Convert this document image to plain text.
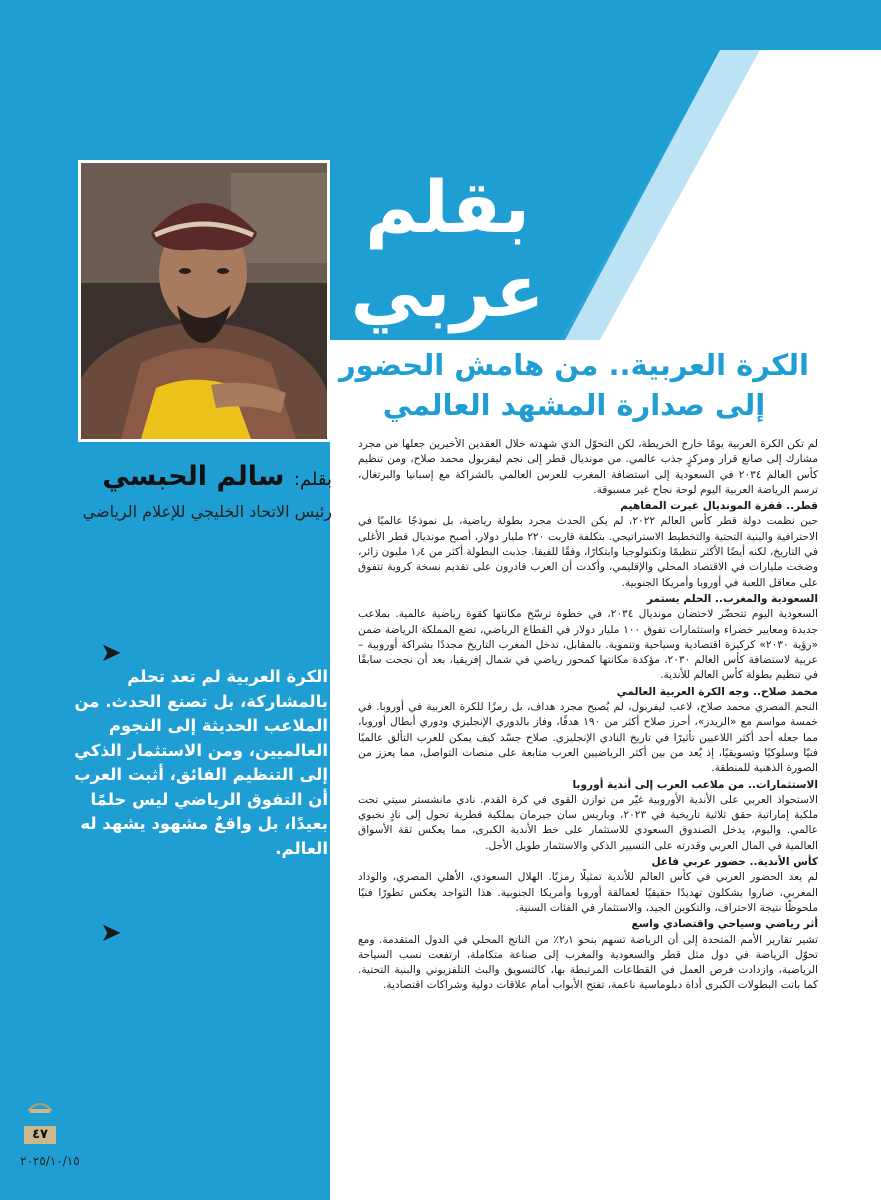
بقلم
عربي
الكرة العربية.. من هامش الحضور
إلى صدارة المشهد العالمي
بقلم: سالم الحبسي
رئيس الاتحاد الخليجي للإعلام الرياضي
➤
الكرة العربية لم تعد تحلم بالمشاركة، بل تصنع الحدث. من الملاعب الحديثة إلى النجوم العالميين، ومن الاستثمار الذكي إلى التنظيم الفائق، أثبت العرب أن التفوق الرياضي ليس حلمًا بعيدًا، بل واقعٌ مشهود يشهد له العالم.
➤

لم تكن الكرة العربية يومًا خارج الخريطة، لكن التحوّل الذي شهدته خلال العقدين الأخيرين جعلها من مجرد مشارك إلى صانع قرار ومركزٍ جذب عالمي. من مونديال قطر إلى نجم ليفربول محمد صلاح، ومن تنظيم كأس العالم ٢٠٣٤ في السعودية إلى استضافة المغرب للعرس العالمي بالشراكة مع إسبانيا والبرتغال، ترسم الرياضة العربية اليوم لوحة نجاح غير مسبوقة.

قطر.. قفزة المونديال غيرت المفاهيم

حين نظمت دولة قطر كأس العالم ٢٠٢٢، لم يكن الحدث مجرد بطولة رياضية، بل نموذجًا عالميًا في الاحترافية والبنية التحتية والتخطيط الاستراتيجي. بتكلفة قاربت ٢٢٠ مليار دولار، أصبح مونديال قطر الأغلى في التاريخ، لكنه أيضًا الأكثر تنظيمًا وتكنولوجيا وابتكارًا، وفقًا للفيفا. جذبت البطولة أكثر من ١٫٤ مليون زائر، وضخت مليارات في الاقتصاد المحلي والإقليمي، وأكدت أن العرب قادرون على تقديم نسخة كروية تتفوق على معاقل اللعبة في أوروبا وأمريكا الجنوبية.

السعودية والمغرب.. الحلم يستمر

السعودية اليوم تتحضّر لاحتضان مونديال ٢٠٣٤، في خطوة ترسّخ مكانتها كقوة رياضية عالمية. بملاعب جديدة ومعايير خضراء واستثمارات تفوق ١٠٠ مليار دولار في القطاع الرياضي، تضع المملكة الرياضة ضمن «رؤية ٢٠٣٠» كركيزة اقتصادية وسياحية وتنموية. بالمقابل، تدخل المغرب التاريخ مجددًا بشراكة أوروبية – عربية لاستضافة كأس العالم ٢٠٣٠، مؤكدة مكانتها كمحور رياضي في شمال إفريقيا، بعد أن نجحت سابقًا في تنظيم بطولة كأس العالم للأندية.

محمد صلاح.. وجه الكرة العربية العالمي

النجم المصري محمد صلاح، لاعب ليفربول، لم يُصبح مجرد هداف، بل رمزًا للكرة العربية في أوروبا. في خمسة مواسم مع «الريدز»، أحرز صلاح أكثر من ١٩٠ هدفًا، وفاز بالدوري الإنجليزي ودوري أبطال أوروبا، مما جعله أحد أكثر اللاعبين تأثيرًا في تاريخ النادي الإنجليزي. صلاح جسّد كيف يمكن للعرب التألق عالميًا فنيًا وسلوكيًا وتسويقيًا، إذ يُعد من بين أكثر الرياضيين العرب متابعة على منصات التواصل، مما يعزز من الصورة الذهنية للمنطقة.

الاستثمارات.. من ملاعب العرب إلى أندية أوروبا

الاستحواذ العربي على الأندية الأوروبية غيّر من توازن القوى في كرة القدم. نادي مانشستر سيتي تحت ملكية إماراتية حقق ثلاثية تاريخية في ٢٠٢٣، وباريس سان جيرمان بملكية قطرية تحول إلى نادٍ نخبوي عالمي. واليوم، يدخل الصندوق السعودي للاستثمار على خط الأندية الكبرى، مما يعكس ثقة الأسواق العالمية في المال العربي وقدرته على التسيير الذكي والاستثمار طويل الأجل.

كأس الأندية.. حضور عربي فاعل

لم يعد الحضور العربي في كأس العالم للأندية تمثيلًا رمزيًا. الهلال السعودي، الأهلي المصري، والوداد المغربي، صاروا يشكلون تهديدًا حقيقيًا لعمالقة أوروبا وأمريكا الجنوبية. هذا التواجد يعكس تطورًا فنيًا ملحوظًا نتيجة الاحتراف، والتكوين الجيد، والاستثمار في الفئات السنية.

أثر رياضي وسياحي واقتصادي واسع

تشير تقارير الأمم المتحدة إلى أن الرياضة تسهم بنحو ٢٫١٪ من الناتج المحلي في الدول المتقدمة. ومع تحوّل الرياضة في دول مثل قطر والسعودية والمغرب إلى صناعة متكاملة، ارتفعت نسب السياحة الرياضية، وازدادت فرص العمل في القطاعات المرتبطة بها، كالتسويق والبث التلفزيوني والبنية التحتية. كما باتت البطولات الكبرى أداة دبلوماسية ناعمة، تفتح الأبواب أمام علاقات دولية وشراكات اقتصادية.

٤٧
٢٠٢٥/١٠/١٥
